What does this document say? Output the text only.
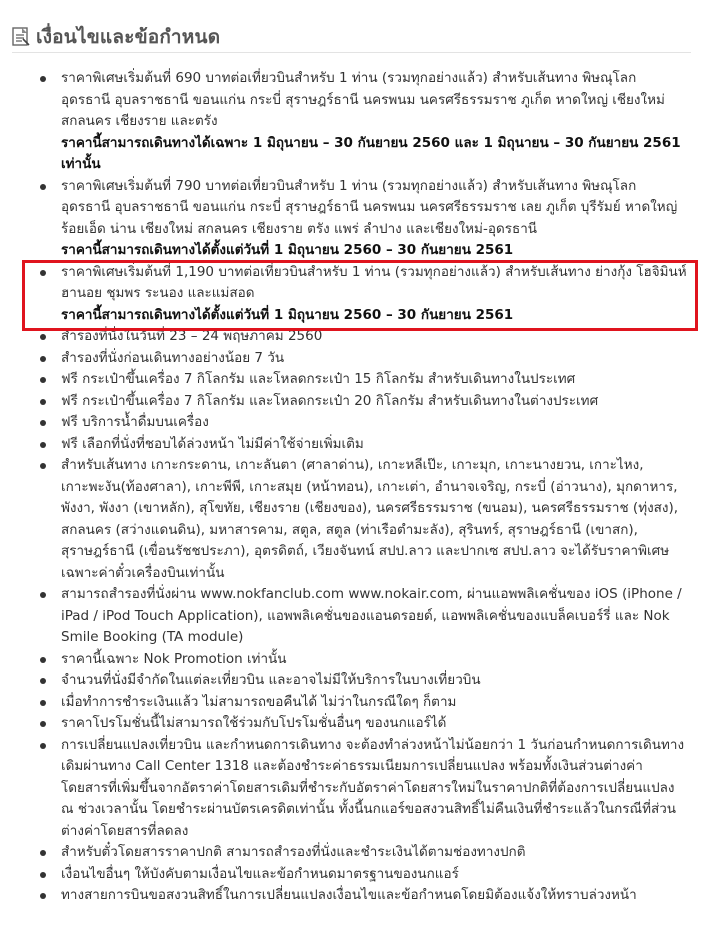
เงื่อนไขและข้อกำหนด
ราคาพิเศษเริ่มต้นที่ 690 บาทต่อเที่ยวบินสำหรับ 1 ท่าน (รวมทุกอย่างแล้ว) สำหรับเส้นทาง พิษณุโลก อุดรธานี อุบลราชธานี ขอนแก่น กระบี่ สุราษฎร์ธานี นครพนม นครศรีธรรมราช ภูเก็ต หาดใหญ่ เชียงใหม่ สกลนคร เชียงราย และตรัง
ราคานี้สามารถเดินทางได้เฉพาะ 1 มิถุนายน – 30 กันยายน 2560 และ 1 มิถุนายน – 30 กันยายน 2561 เท่านั้น
ราคาพิเศษเริ่มต้นที่ 790 บาทต่อเที่ยวบินสำหรับ 1 ท่าน (รวมทุกอย่างแล้ว) สำหรับเส้นทาง พิษณุโลก อุดรธานี อุบลราชธานี ขอนแก่น กระบี่ สุราษฎร์ธานี นครพนม นครศรีธรรมราช เลย ภูเก็ต บุรีรัมย์ หาดใหญ่ ร้อยเอ็ด น่าน เชียงใหม่ สกลนคร เชียงราย ตรัง แพร่ ลำปาง และเชียงใหม่-อุดรธานี
ราคานี้สามารถเดินทางได้ตั้งแต่วันที่ 1 มิถุนายน 2560 – 30 กันยายน 2561
ราคาพิเศษเริ่มต้นที่ 1,190 บาทต่อเที่ยวบินสำหรับ 1 ท่าน (รวมทุกอย่างแล้ว) สำหรับเส้นทาง ย่างกุ้ง โฮจิมินห์ ฮานอย ชุมพร ระนอง และแม่สอด
ราคานี้สามารถเดินทางได้ตั้งแต่วันที่ 1 มิถุนายน 2560 – 30 กันยายน 2561
สำรองที่นั่งในวันที่ 23 – 24 พฤษภาคม 2560
สำรองที่นั่งก่อนเดินทางอย่างน้อย 7 วัน
ฟรี กระเป๋าขึ้นเครื่อง 7 กิโลกรัม และโหลดกระเป๋า 15 กิโลกรัม สำหรับเดินทางในประเทศ
ฟรี กระเป๋าขึ้นเครื่อง 7 กิโลกรัม และโหลดกระเป๋า 20 กิโลกรัม สำหรับเดินทางในต่างประเทศ
ฟรี บริการน้ำดื่มบนเครื่อง
ฟรี เลือกที่นั่งที่ชอบได้ล่วงหน้า ไม่มีค่าใช้จ่ายเพิ่มเติม
สำหรับเส้นทาง เกาะกระดาน, เกาะลันตา (ศาลาด่าน), เกาะหลีเป๊ะ, เกาะมุก, เกาะนางยวน, เกาะไหง, เกาะพะงัน(ท้องศาลา), เกาะพีพี, เกาะสมุย (หน้าทอน), เกาะเต่า, อำนาจเจริญ, กระบี่ (อ่าวนาง), มุกดาหาร, พังงา, พังงา (เขาหลัก), สุโขทัย, เชียงราย (เชียงของ), นครศรีธรรมราช (ขนอม), นครศรีธรรมราช (ทุ่งสง), สกลนคร (สว่างแดนดิน), มหาสารคาม, สตูล, สตูล (ท่าเรือตำมะลัง), สุรินทร์, สุราษฎร์ธานี (เขาสก), สุราษฎร์ธานี (เขื่อนรัชชประภา), อุตรดิตถ์, เวียงจันทน์ สปป.ลาว และปากเซ สปป.ลาว จะได้รับราคาพิเศษเฉพาะค่าตั๋วเครื่องบินเท่านั้น
สามารถสำรองที่นั่งผ่าน www.nokfanclub.com www.nokair.com, ผ่านแอพพลิเคชั่นของ iOS (iPhone / iPad / iPod Touch Application), แอพพลิเคชั่นของแอนดรอยด์, แอพพลิเคชั่นของแบล็คเบอร์รี่ และ Nok Smile Booking (TA module)
ราคานี้เฉพาะ Nok Promotion เท่านั้น
จำนวนที่นั่งมีจำกัดในแต่ละเที่ยวบิน และอาจไม่มีให้บริการในบางเที่ยวบิน
เมื่อทำการชำระเงินแล้ว ไม่สามารถขอคืนได้ ไม่ว่าในกรณีใดๆ ก็ตาม
ราคาโปรโมชั่นนี้ไม่สามารถใช้ร่วมกับโปรโมชั่นอื่นๆ ของนกแอร์ได้
การเปลี่ยนแปลงเที่ยวบิน และกำหนดการเดินทาง จะต้องทำล่วงหน้าไม่น้อยกว่า 1 วันก่อนกำหนดการเดินทางเดิมผ่านทาง Call Center 1318 และต้องชำระค่าธรรมเนียมการเปลี่ยนแปลง พร้อมทั้งเงินส่วนต่างค่าโดยสารที่เพิ่มขึ้นจากอัตราค่าโดยสารเดิมที่ชำระกับอัตราค่าโดยสารใหม่ในราคาปกติที่ต้องการเปลี่ยนแปลง ณ ช่วงเวลานั้น โดยชำระผ่านบัตรเครดิตเท่านั้น ทั้งนี้นกแอร์ขอสงวนสิทธิ์ไม่คืนเงินที่ชำระแล้วในกรณีที่ส่วนต่างค่าโดยสารที่ลดลง
สำหรับตั๋วโดยสารราคาปกติ สามารถสำรองที่นั่งและชำระเงินได้ตามช่องทางปกติ
เงื่อนไขอื่นๆ ให้บังคับตามเงื่อนไขและข้อกำหนดมาตรฐานของนกแอร์
ทางสายการบินขอสงวนสิทธิ์ในการเปลี่ยนแปลงเงื่อนไขและข้อกำหนดโดยมิต้องแจ้งให้ทราบล่วงหน้า
